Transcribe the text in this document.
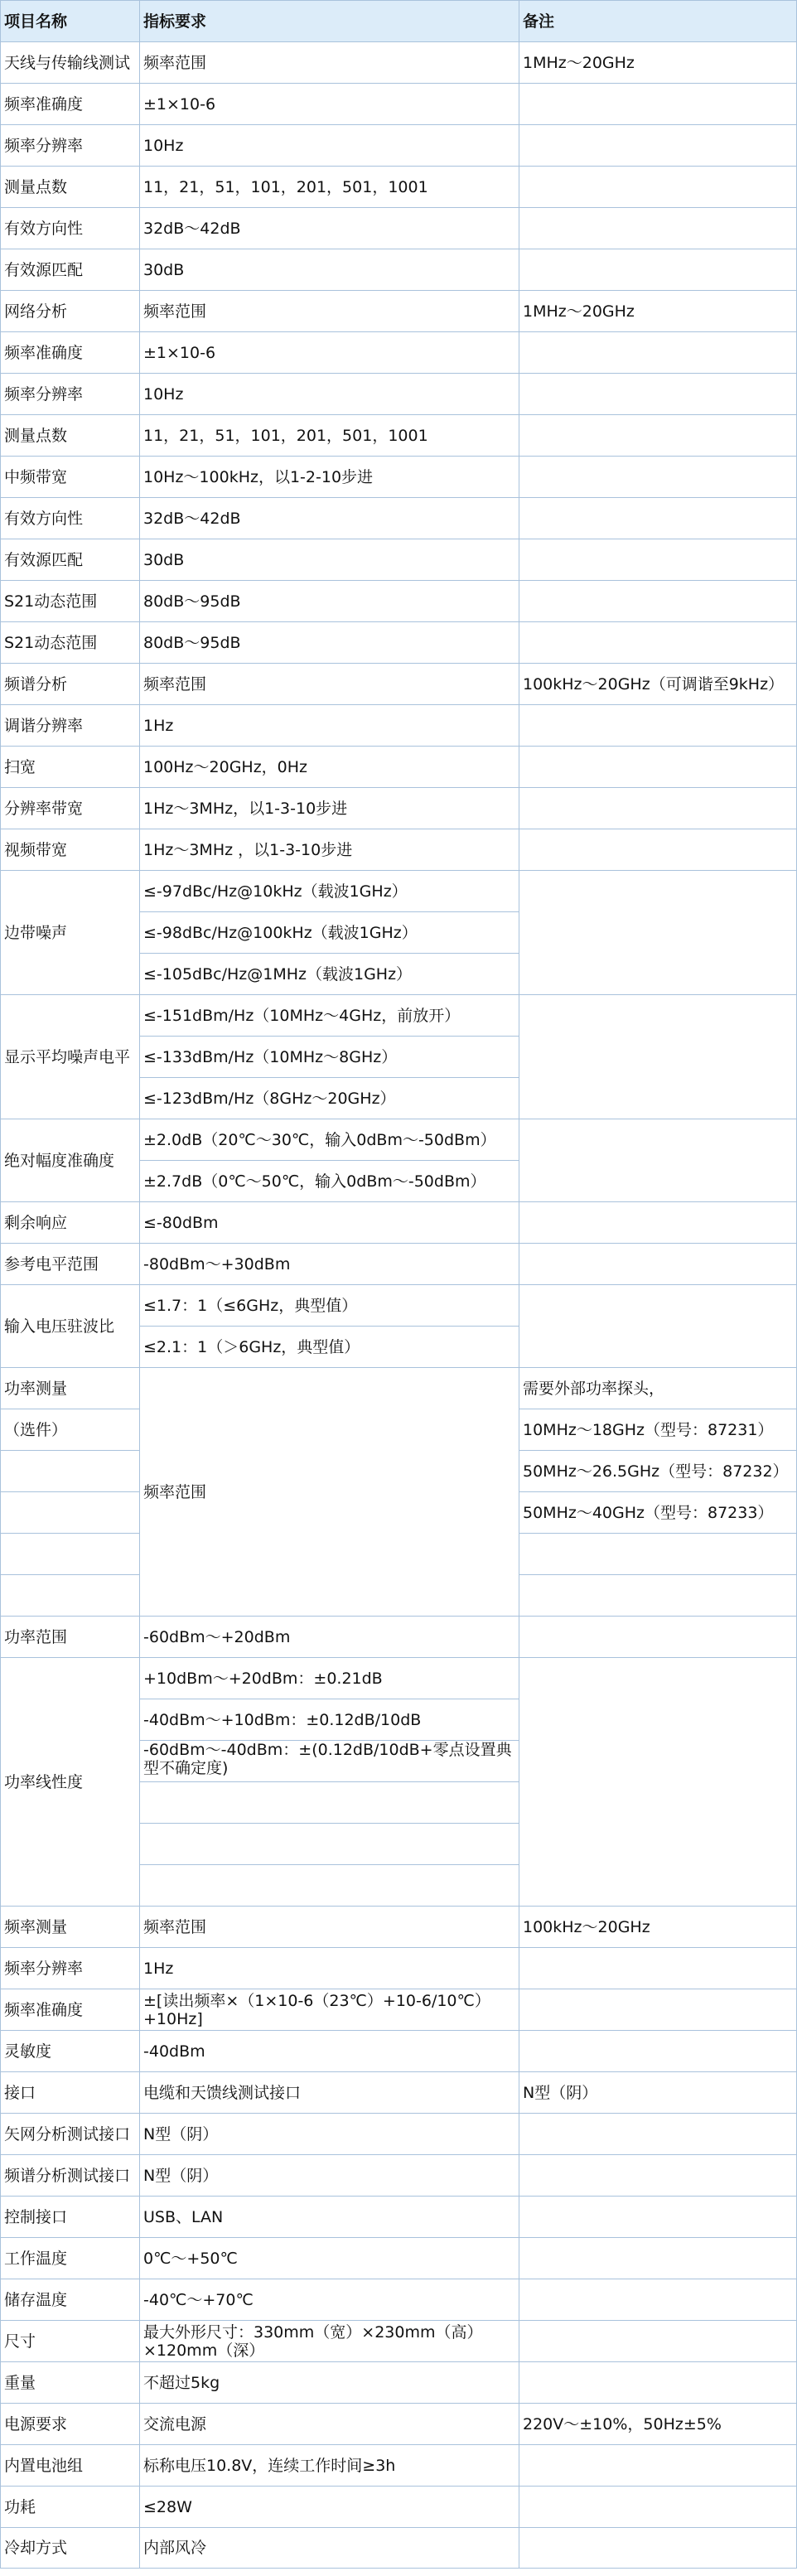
项目名称	指标要求	备注
天线与传输线测试	频率范围	1MHz～20GHz
频率准确度	±1×10-6	
频率分辨率	10Hz	
测量点数	11，21，51，101，201，501，1001	
有效方向性	32dB～42dB	
有效源匹配	30dB	
网络分析	频率范围	1MHz～20GHz
频率准确度	±1×10-6	
频率分辨率	10Hz	
测量点数	11，21，51，101，201，501，1001	
中频带宽	10Hz～100kHz，以1-2-10步进	
有效方向性	32dB～42dB	
有效源匹配	30dB	
S21动态范围	80dB～95dB	
S21动态范围	80dB～95dB	
频谱分析	频率范围	100kHz～20GHz（可调谐至9kHz）
调谐分辨率	1Hz	
扫宽	100Hz～20GHz，0Hz	
分辨率带宽	1Hz～3MHz，以1-3-10步进	
视频带宽	1Hz～3MHz ，以1-3-10步进	
边带噪声	≤-97dBc/Hz@10kHz（载波1GHz）	
	≤-98dBc/Hz@100kHz（载波1GHz）	
	≤-105dBc/Hz@1MHz（载波1GHz）	
显示平均噪声电平	≤-151dBm/Hz（10MHz～4GHz，前放开）	
	≤-133dBm/Hz（10MHz～8GHz）	
	≤-123dBm/Hz（8GHz～20GHz）	
绝对幅度准确度	±2.0dB（20℃～30℃，输入0dBm～-50dBm）	
	±2.7dB（0℃～50℃，输入0dBm～-50dBm）	
剩余响应	≤-80dBm	
参考电平范围	-80dBm～+30dBm	
输入电压驻波比	≤1.7：1（≤6GHz，典型值）	
	≤2.1：1（＞6GHz，典型值）	
功率测量	频率范围	需要外部功率探头，
（选件）		10MHz～18GHz（型号：87231）
		50MHz～26.5GHz（型号：87232）
		50MHz～40GHz（型号：87233）

功率范围	-60dBm～+20dBm	
功率线性度	+10dBm～+20dBm：±0.21dB	
	-40dBm～+10dBm：±0.12dB/10dB	
	-60dBm～-40dBm：±(0.12dB/10dB+零点设置典型不确定度)	

频率测量	频率范围	100kHz～20GHz
频率分辨率	1Hz	
频率准确度	±[读出频率×（1×10-6（23℃）+10-6/10℃）+10Hz]	
灵敏度	-40dBm	
接口	电缆和天馈线测试接口	N型（阴）
矢网分析测试接口	N型（阴）	
频谱分析测试接口	N型（阴）	
控制接口	USB、LAN	
工作温度	0℃～+50℃	
储存温度	-40℃～+70℃	
尺寸	最大外形尺寸：330mm（宽）×230mm（高）×120mm（深）	
重量	不超过5kg	
电源要求	交流电源	220V～±10%，50Hz±5%
内置电池组	标称电压10.8V，连续工作时间≥3h	
功耗	≤28W	
冷却方式	内部风冷	
